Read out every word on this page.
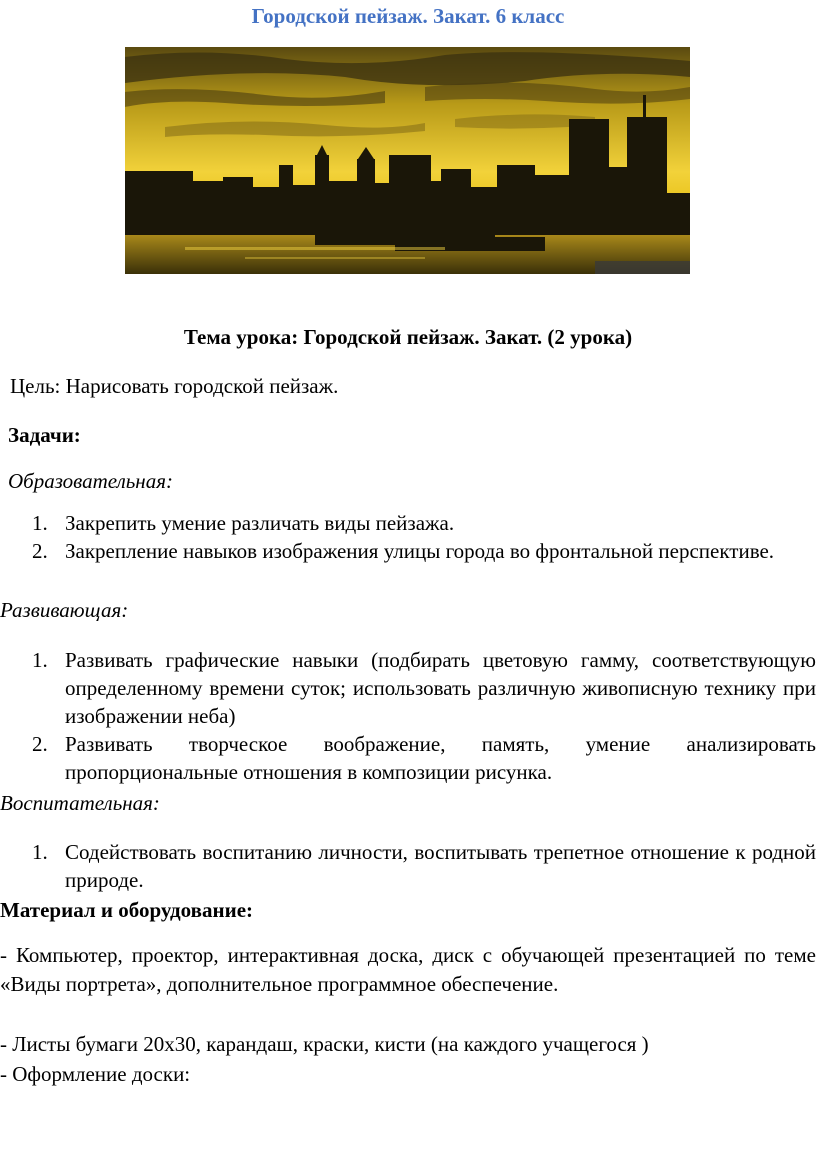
Городской пейзаж. Закат. 6 класс
Тема урока: Городской пейзаж. Закат. (2 урока)
Цель: Нарисовать городской пейзаж.
Задачи:
Образовательная:
1. Закрепить умение различать виды пейзажа.
2. Закрепление навыков изображения улицы города во фронтальной перспективе.
Развивающая:
1. Развивать графические навыки (подбирать цветовую гамму, соответствующую определенному времени суток; использовать различную живописную технику при изображении неба)
2. Развивать творческое воображение, память, умение анализировать пропорциональные отношения в композиции рисунка.
Воспитательная:
1. Содействовать воспитанию личности, воспитывать трепетное отношение к родной природе.
Материал и оборудование:
- Компьютер, проектор, интерактивная доска, диск с обучающей презентацией по теме «Виды портрета», дополнительное программное обеспечение.
- Листы бумаги 20х30, карандаш, краски, кисти (на каждого учащегося )
- Оформление доски:
